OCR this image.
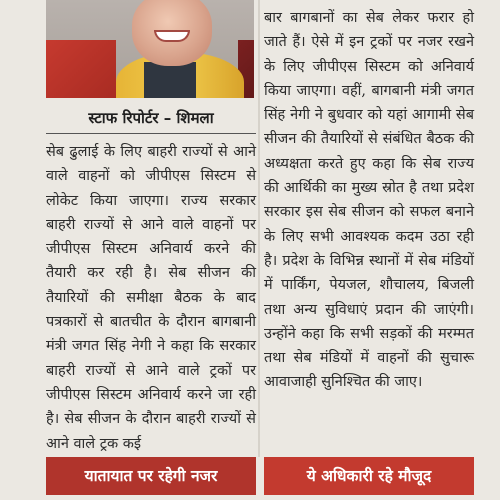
स्टाफ रिपोर्टर – शिमला

सेब ढुलाई के लिए बाहरी राज्यों से आने वाले वाहनों को जीपीएस सिस्टम से लोकेट किया जाएगा। राज्य सरकार बाहरी राज्यों से आने वाले वाहनों पर जीपीएस सिस्टम अनिवार्य करने की तैयारी कर रही है। सेब सीजन की तैयारियों की समीक्षा बैठक के बाद पत्रकारों से बातचीत के दौरान बागबानी मंत्री जगत सिंह नेगी ने कहा कि सरकार बाहरी राज्यों से आने वाले ट्रकों पर जीपीएस सिस्टम अनिवार्य करने जा रही है। सेब सीजन के दौरान बाहरी राज्यों से आने वाले ट्रक कई

बार बागबानों का सेब लेकर फरार हो जाते हैं। ऐसे में इन ट्रकों पर नजर रखने के लिए जीपीएस सिस्टम को अनिवार्य किया जाएगा। वहीं, बागबानी मंत्री जगत सिंह नेगी ने बुधवार को यहां आगामी सेब सीजन की तैयारियों से संबंधित बैठक की अध्यक्षता करते हुए कहा कि सेब राज्य की आर्थिकी का मुख्य स्रोत है तथा प्रदेश सरकार इस सेब सीजन को सफल बनाने के लिए सभी आवश्यक कदम उठा रही है। प्रदेश के विभिन्न स्थानों में सेब मंडियों में पार्किंग, पेयजल, शौचालय, बिजली तथा अन्य सुविधाएं प्रदान की जाएंगी। उन्होंने कहा कि सभी सड़कों की मरम्मत तथा सेब मंडियों में वाहनों की सुचारू आवाजाही सुनिश्चित की जाए।

यातायात पर रहेगी नजर	ये अधिकारी रहे मौजूद
